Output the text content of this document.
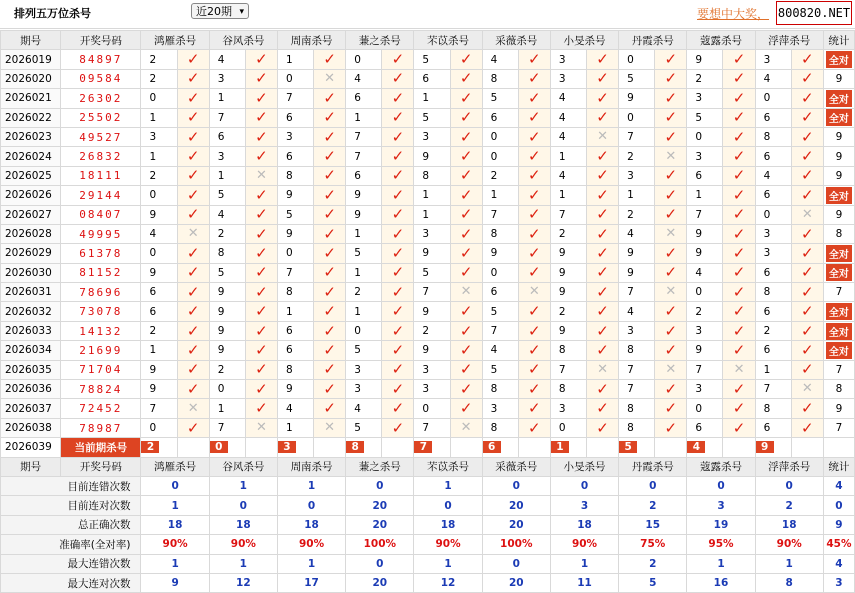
排列五万位杀号	近20期 ▾	要想中大奖， 800820.NET
期号	开奖号码	鸿雁杀号		谷风杀号		周南杀号		蒹之杀号		芣苡杀号		采薇杀号		小旻杀号		丹霞杀号		蔻露杀号		浮萍杀号		统计
2026019	84897	2	✓	4	✓	1	✓	0	✓	5	✓	4	✓	3	✓	0	✓	9	✓	3	✓	全对
2026020	09584	2	✓	3	✓	0	✕	4	✓	6	✓	8	✓	3	✓	5	✓	2	✓	4	✓	9
2026021	26302	0	✓	1	✓	7	✓	6	✓	1	✓	5	✓	4	✓	9	✓	3	✓	0	✓	全对
2026022	25502	1	✓	7	✓	6	✓	1	✓	5	✓	6	✓	4	✓	0	✓	5	✓	6	✓	全对
2026023	49527	3	✓	6	✓	3	✓	7	✓	3	✓	0	✓	4	✕	7	✓	0	✓	8	✓	9
2026024	26832	1	✓	3	✓	6	✓	7	✓	9	✓	0	✓	1	✓	2	✕	3	✓	6	✓	9
2026025	18111	2	✓	1	✕	8	✓	6	✓	8	✓	2	✓	4	✓	3	✓	6	✓	4	✓	9
2026026	29144	0	✓	5	✓	9	✓	9	✓	1	✓	1	✓	1	✓	1	✓	1	✓	6	✓	全对
2026027	08407	9	✓	4	✓	5	✓	9	✓	1	✓	7	✓	7	✓	2	✓	7	✓	0	✕	9
2026028	49995	4	✕	2	✓	9	✓	1	✓	3	✓	8	✓	2	✓	4	✕	9	✓	3	✓	8
2026029	61378	0	✓	8	✓	0	✓	5	✓	9	✓	9	✓	9	✓	9	✓	9	✓	3	✓	全对
2026030	81152	9	✓	5	✓	7	✓	1	✓	5	✓	0	✓	9	✓	9	✓	4	✓	6	✓	全对
2026031	78696	6	✓	9	✓	8	✓	2	✓	7	✕	6	✕	9	✓	7	✕	0	✓	8	✓	7
2026032	73078	6	✓	9	✓	1	✓	1	✓	9	✓	5	✓	2	✓	4	✓	2	✓	6	✓	全对
2026033	14132	2	✓	9	✓	6	✓	0	✓	2	✓	7	✓	9	✓	3	✓	3	✓	2	✓	全对
2026034	21699	1	✓	9	✓	6	✓	5	✓	9	✓	4	✓	8	✓	8	✓	9	✓	6	✓	全对
2026035	71704	9	✓	2	✓	8	✓	3	✓	3	✓	5	✓	7	✕	7	✕	7	✕	1	✓	7
2026036	78824	9	✓	0	✓	9	✓	3	✓	3	✓	8	✓	8	✓	7	✓	3	✓	7	✕	8
2026037	72452	7	✕	1	✓	4	✓	4	✓	0	✓	3	✓	3	✓	8	✓	0	✓	8	✓	9
2026038	78987	0	✓	7	✕	1	✕	5	✓	7	✕	8	✓	0	✓	8	✓	6	✓	6	✓	7
2026039	当前期杀号	2		0		3		8		7		6		1		5		4		9		
期号	开奖号码	鸿雁杀号		谷风杀号		周南杀号		蒹之杀号		芣苡杀号		采薇杀号		小旻杀号		丹霞杀号		蔻露杀号		浮萍杀号		统计
目前连错次数		0		1		1		0		1		0		0		0		0		0		4
目前连对次数		1		0		0		20		0		20		3		2		3		2		0
总正确次数		18		18		18		20		18		20		18		15		19		18		9
准确率(全对率)		90%		90%		90%		100%		90%		100%		90%		75%		95%		90%		45%
最大连错次数		1		1		1		0		1		0		1		2		1		1		4
最大连对次数		9		12		17		20		12		20		11		5		16		8		3
